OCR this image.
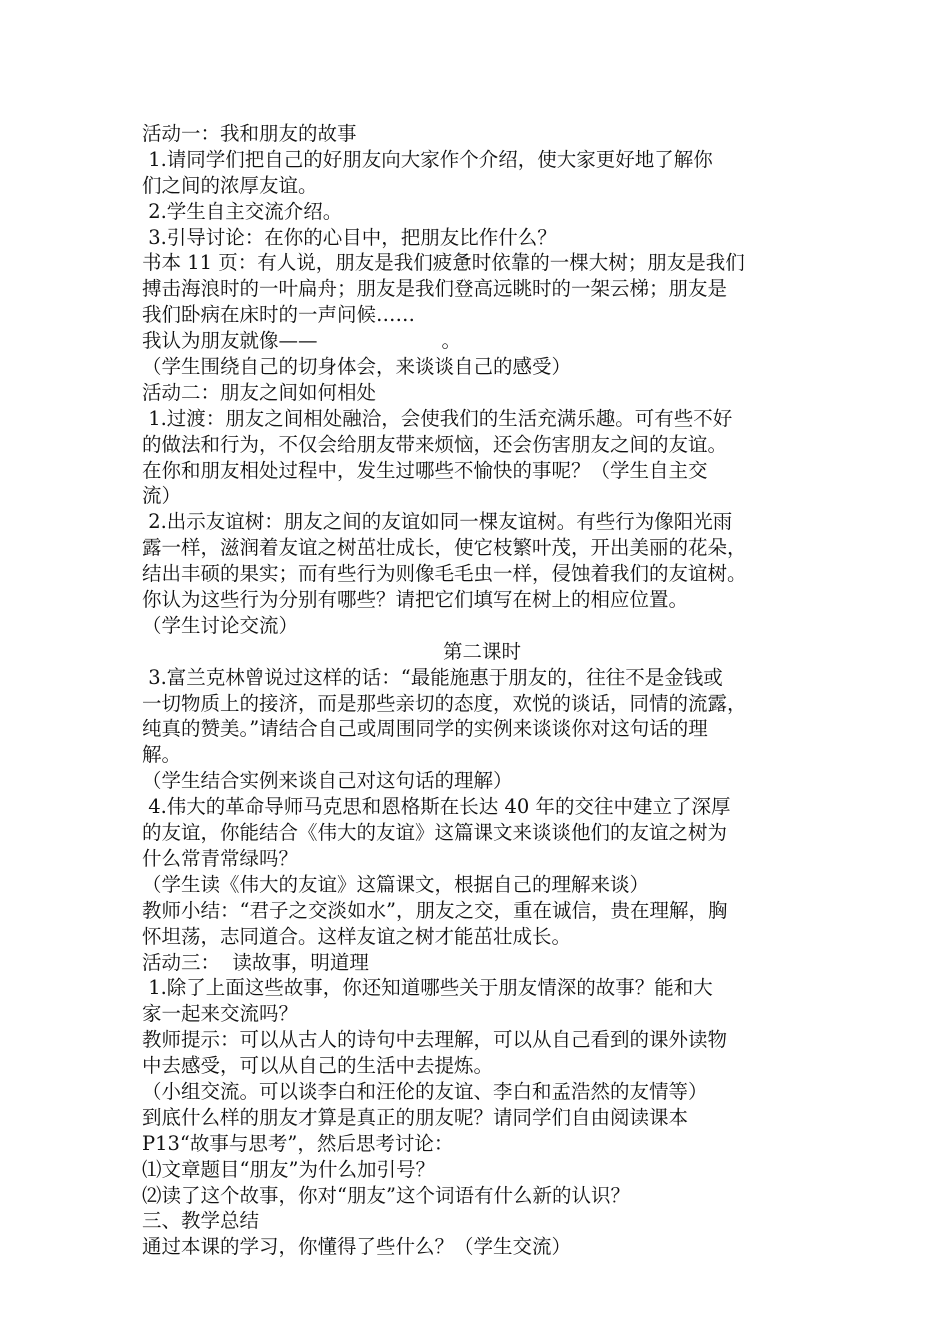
活动一：我和朋友的故事
1.请同学们把自己的好朋友向大家作个介绍，使大家更好地了解你
们之间的浓厚友谊。
2.学生自主交流介绍。
3.引导讨论：在你的心目中，把朋友比作什么？
书本 11 页：有人说，朋友是我们疲惫时依靠的一棵大树；朋友是我们
搏击海浪时的一叶扁舟；朋友是我们登高远眺时的一架云梯；朋友是
我们卧病在床时的一声问候……
我认为朋友就像——                    。
（学生围绕自己的切身体会，来谈谈自己的感受）
活动二：朋友之间如何相处
1.过渡：朋友之间相处融洽，会使我们的生活充满乐趣。可有些不好
的做法和行为，不仅会给朋友带来烦恼，还会伤害朋友之间的友谊。
在你和朋友相处过程中，发生过哪些不愉快的事呢？（学生自主交
流）
2.出示友谊树：朋友之间的友谊如同一棵友谊树。有些行为像阳光雨
露一样，滋润着友谊之树茁壮成长，使它枝繁叶茂，开出美丽的花朵，
结出丰硕的果实；而有些行为则像毛毛虫一样，侵蚀着我们的友谊树。
你认为这些行为分别有哪些？请把它们填写在树上的相应位置。
（学生讨论交流）
第二课时
3.富兰克林曾说过这样的话：“最能施惠于朋友的，往往不是金钱或
一切物质上的接济，而是那些亲切的态度，欢悦的谈话，同情的流露，
纯真的赞美。”请结合自己或周围同学的实例来谈谈你对这句话的理
解。
（学生结合实例来谈自己对这句话的理解）
4.伟大的革命导师马克思和恩格斯在长达 40 年的交往中建立了深厚
的友谊，你能结合《伟大的友谊》这篇课文来谈谈他们的友谊之树为
什么常青常绿吗？
（学生读《伟大的友谊》这篇课文，根据自己的理解来谈）
教师小结：“君子之交淡如水”，朋友之交，重在诚信，贵在理解，胸
怀坦荡，志同道合。这样友谊之树才能茁壮成长。
活动三：  读故事，明道理
1.除了上面这些故事，你还知道哪些关于朋友情深的故事？能和大
家一起来交流吗？
教师提示：可以从古人的诗句中去理解，可以从自己看到的课外读物
中去感受，可以从自己的生活中去提炼。
（小组交流。可以谈李白和汪伦的友谊、李白和孟浩然的友情等）
到底什么样的朋友才算是真正的朋友呢？请同学们自由阅读课本
P13“故事与思考”，然后思考讨论：
⑴文章题目“朋友”为什么加引号？
⑵读了这个故事，你对“朋友”这个词语有什么新的认识？
三、教学总结
通过本课的学习，你懂得了些什么？（学生交流）
